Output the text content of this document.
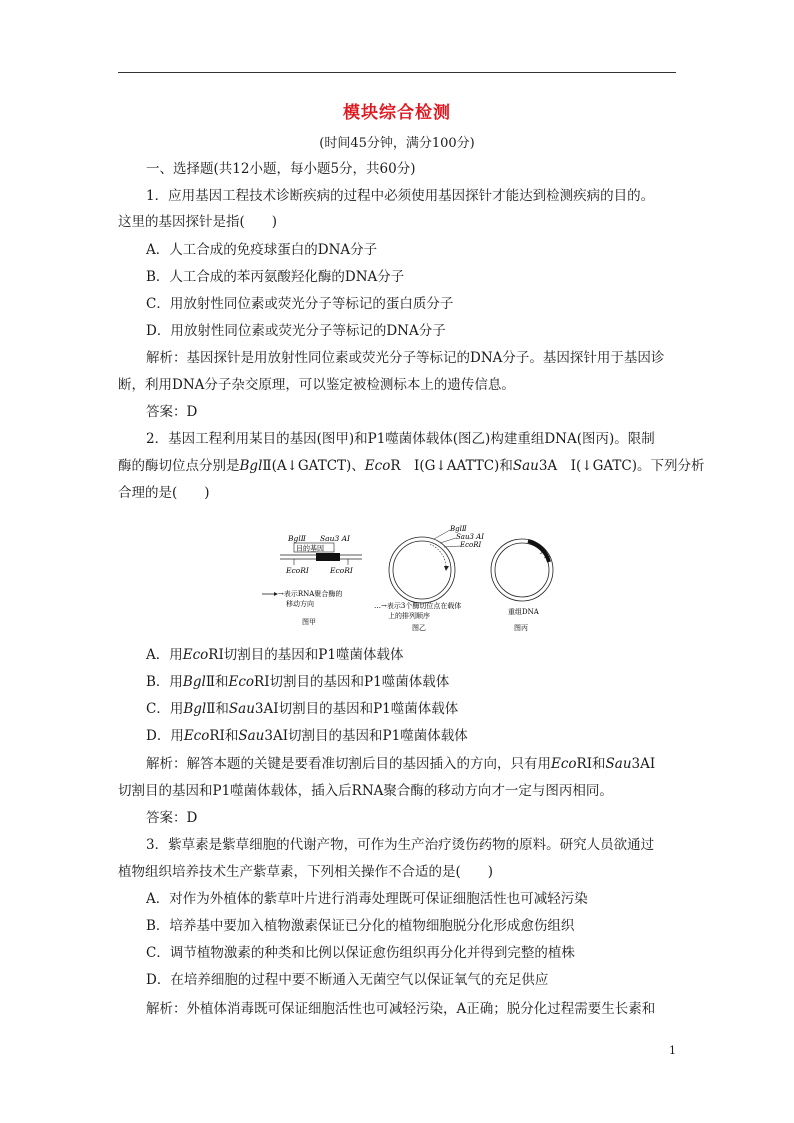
模块综合检测
(时间45分钟，满分100分)
一、选择题(共12小题，每小题5分，共60分)
1．应用基因工程技术诊断疾病的过程中必须使用基因探针才能达到检测疾病的目的。
这里的基因探针是指(　　)
A．人工合成的免疫球蛋白的DNA分子
B．人工合成的苯丙氨酸羟化酶的DNA分子
C．用放射性同位素或荧光分子等标记的蛋白质分子
D．用放射性同位素或荧光分子等标记的DNA分子
解析：基因探针是用放射性同位素或荧光分子等标记的DNA分子。基因探针用于基因诊
断，利用DNA分子杂交原理，可以鉴定被检测标本上的遗传信息。
答案：D
2．基因工程利用某目的基因(图甲)和P1噬菌体载体(图乙)构建重组DNA(图丙)。限制
酶的酶切位点分别是BglⅡ(A↓GATCT)、EcoR　Ⅰ(G↓AATTC)和Sau3A　Ⅰ(↓GATC)。下列分析
合理的是(　　)
BglⅡ Sau3 AⅠ
目的基因
EcoRⅠ	EcoRⅠ
→表示RNA聚合酶的
移动方向
图甲
BglⅡ
Sau3 AⅠ
EcoRⅠ
…→表示3个酶切位点在载体
上的排列顺序
图乙
重组DNA
图丙
A．用EcoRⅠ切割目的基因和P1噬菌体载体
B．用BglⅡ和EcoRⅠ切割目的基因和P1噬菌体载体
C．用BglⅡ和Sau3AⅠ切割目的基因和P1噬菌体载体
D．用EcoRⅠ和Sau3AⅠ切割目的基因和P1噬菌体载体
解析：解答本题的关键是要看准切割后目的基因插入的方向，只有用EcoRⅠ和Sau3AⅠ
切割目的基因和P1噬菌体载体，插入后RNA聚合酶的移动方向才一定与图丙相同。
答案：D
3．紫草素是紫草细胞的代谢产物，可作为生产治疗烫伤药物的原料。研究人员欲通过
植物组织培养技术生产紫草素，下列相关操作不合适的是(　　)
A．对作为外植体的紫草叶片进行消毒处理既可保证细胞活性也可减轻污染
B．培养基中要加入植物激素保证已分化的植物细胞脱分化形成愈伤组织
C．调节植物激素的种类和比例以保证愈伤组织再分化并得到完整的植株
D．在培养细胞的过程中要不断通入无菌空气以保证氧气的充足供应
解析：外植体消毒既可保证细胞活性也可减轻污染，A正确；脱分化过程需要生长素和
1
